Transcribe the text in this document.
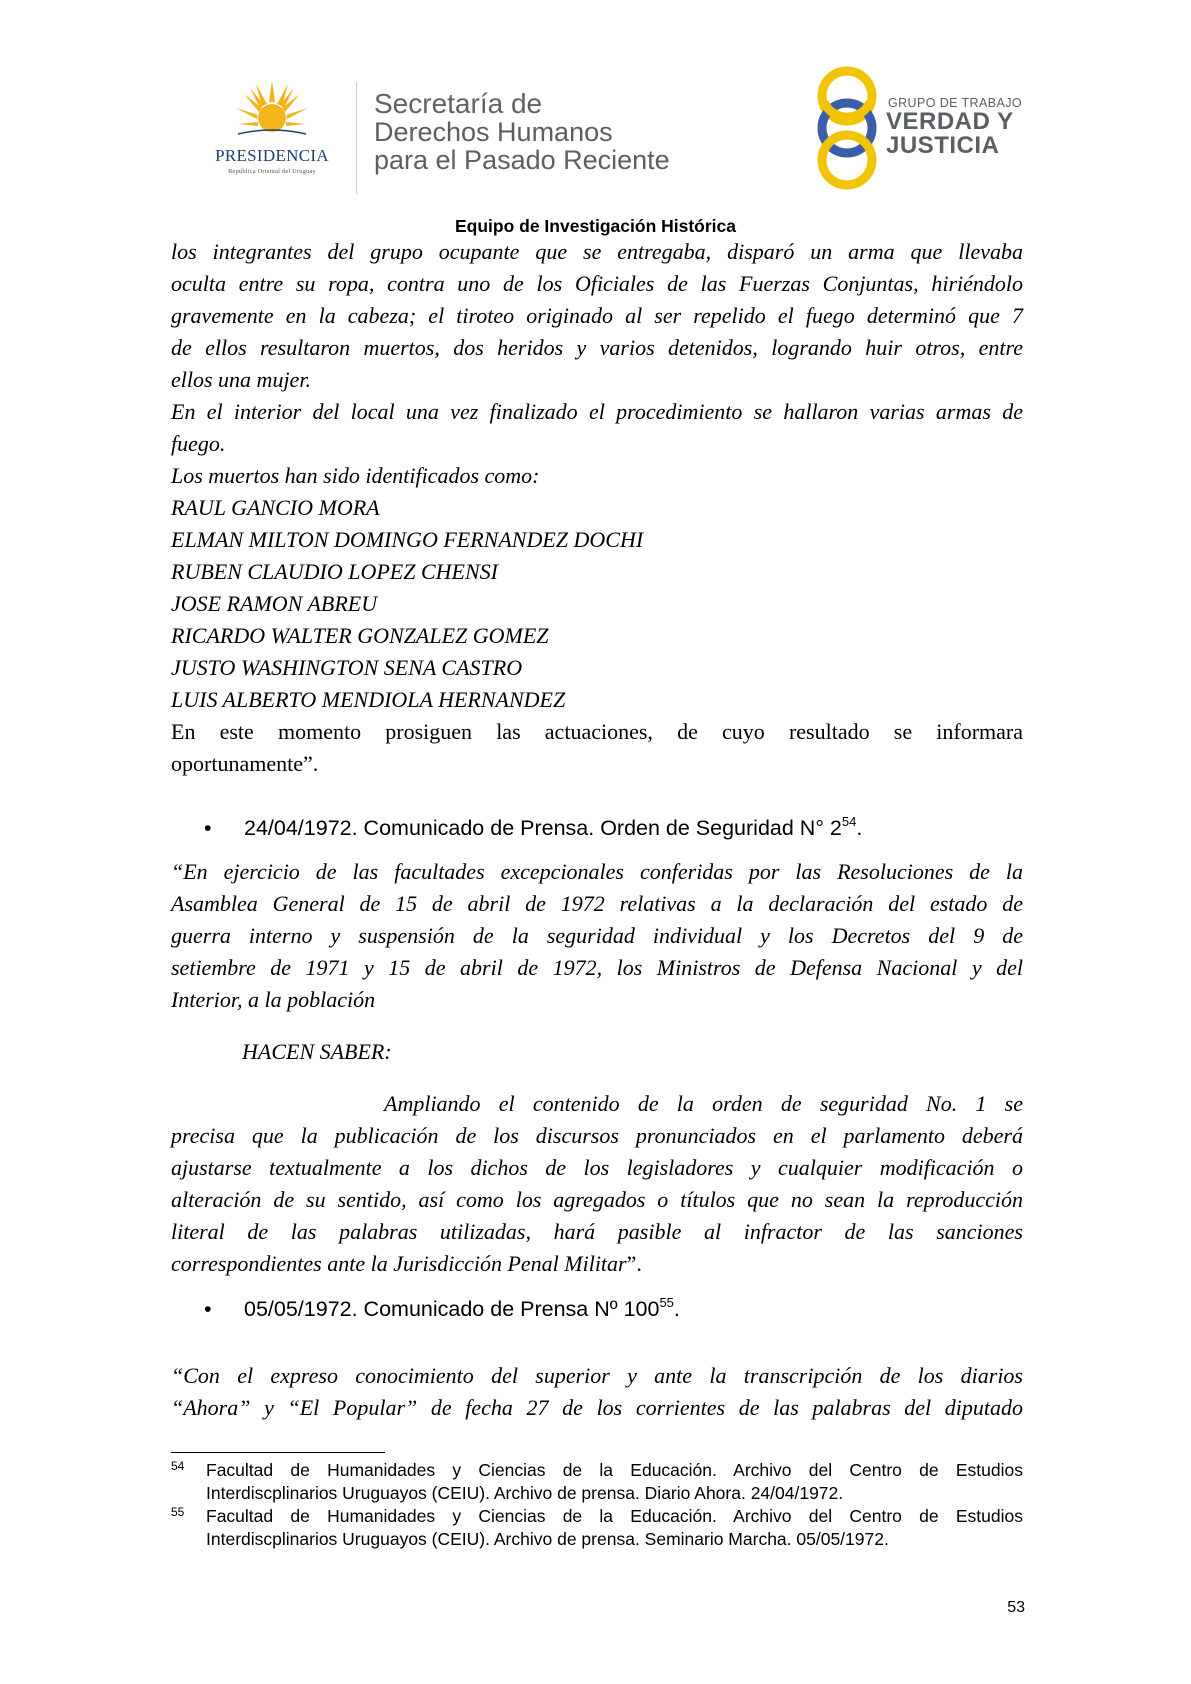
PRESIDENCIA
República Oriental del Uruguay
Secretaría de
Derechos Humanos
para el Pasado Reciente
GRUPO DE TRABAJO
VERDAD Y
JUSTICIA
Equipo de Investigación Histórica
los integrantes del grupo ocupante que se entregaba, disparó un arma que llevaba
oculta entre su ropa, contra uno de los Oficiales de las Fuerzas Conjuntas, hiriéndolo
gravemente en la cabeza; el tiroteo originado al ser repelido el fuego determinó que 7
de ellos resultaron muertos, dos heridos y varios detenidos, logrando huir otros, entre
ellos una mujer.
En el interior del local una vez finalizado el procedimiento se hallaron varias armas de
fuego.
Los muertos han sido identificados como:
RAUL GANCIO MORA
ELMAN MILTON DOMINGO FERNANDEZ DOCHI
RUBEN CLAUDIO LOPEZ CHENSI
JOSE RAMON ABREU
RICARDO WALTER GONZALEZ GOMEZ
JUSTO WASHINGTON SENA CASTRO
LUIS ALBERTO MENDIOLA HERNANDEZ
En este momento prosiguen las actuaciones, de cuyo resultado se informara
oportunamente”.
• 24/04/1972. Comunicado de Prensa. Orden de Seguridad N° $2^{54}$.
“En ejercicio de las facultades excepcionales conferidas por las Resoluciones de la
Asamblea General de 15 de abril de 1972 relativas a la declaración del estado de
guerra interno y suspensión de la seguridad individual y los Decretos del 9 de
setiembre de 1971 y 15 de abril de 1972, los Ministros de Defensa Nacional y del
Interior, a la población
HACEN SABER:
Ampliando el contenido de la orden de seguridad No. 1 se
precisa que la publicación de los discursos pronunciados en el parlamento deberá
ajustarse textualmente a los dichos de los legisladores y cualquier modificación o
alteración de su sentido, así como los agregados o títulos que no sean la reproducción
literal de las palabras utilizadas, hará pasible al infractor de las sanciones
correspondientes ante la Jurisdicción Penal Militar”.
• 05/05/1972. Comunicado de Prensa Nº $100^{55}$.
“Con el expreso conocimiento del superior y ante la transcripción de los diarios
“Ahora” y “El Popular” de fecha 27 de los corrientes de las palabras del diputado
54 Facultad de Humanidades y Ciencias de la Educación. Archivo del Centro de Estudios
Interdiscplinarios Uruguayos (CEIU). Archivo de prensa. Diario Ahora. 24/04/1972.
55 Facultad de Humanidades y Ciencias de la Educación. Archivo del Centro de Estudios
Interdiscplinarios Uruguayos (CEIU). Archivo de prensa. Seminario Marcha. 05/05/1972.
53
